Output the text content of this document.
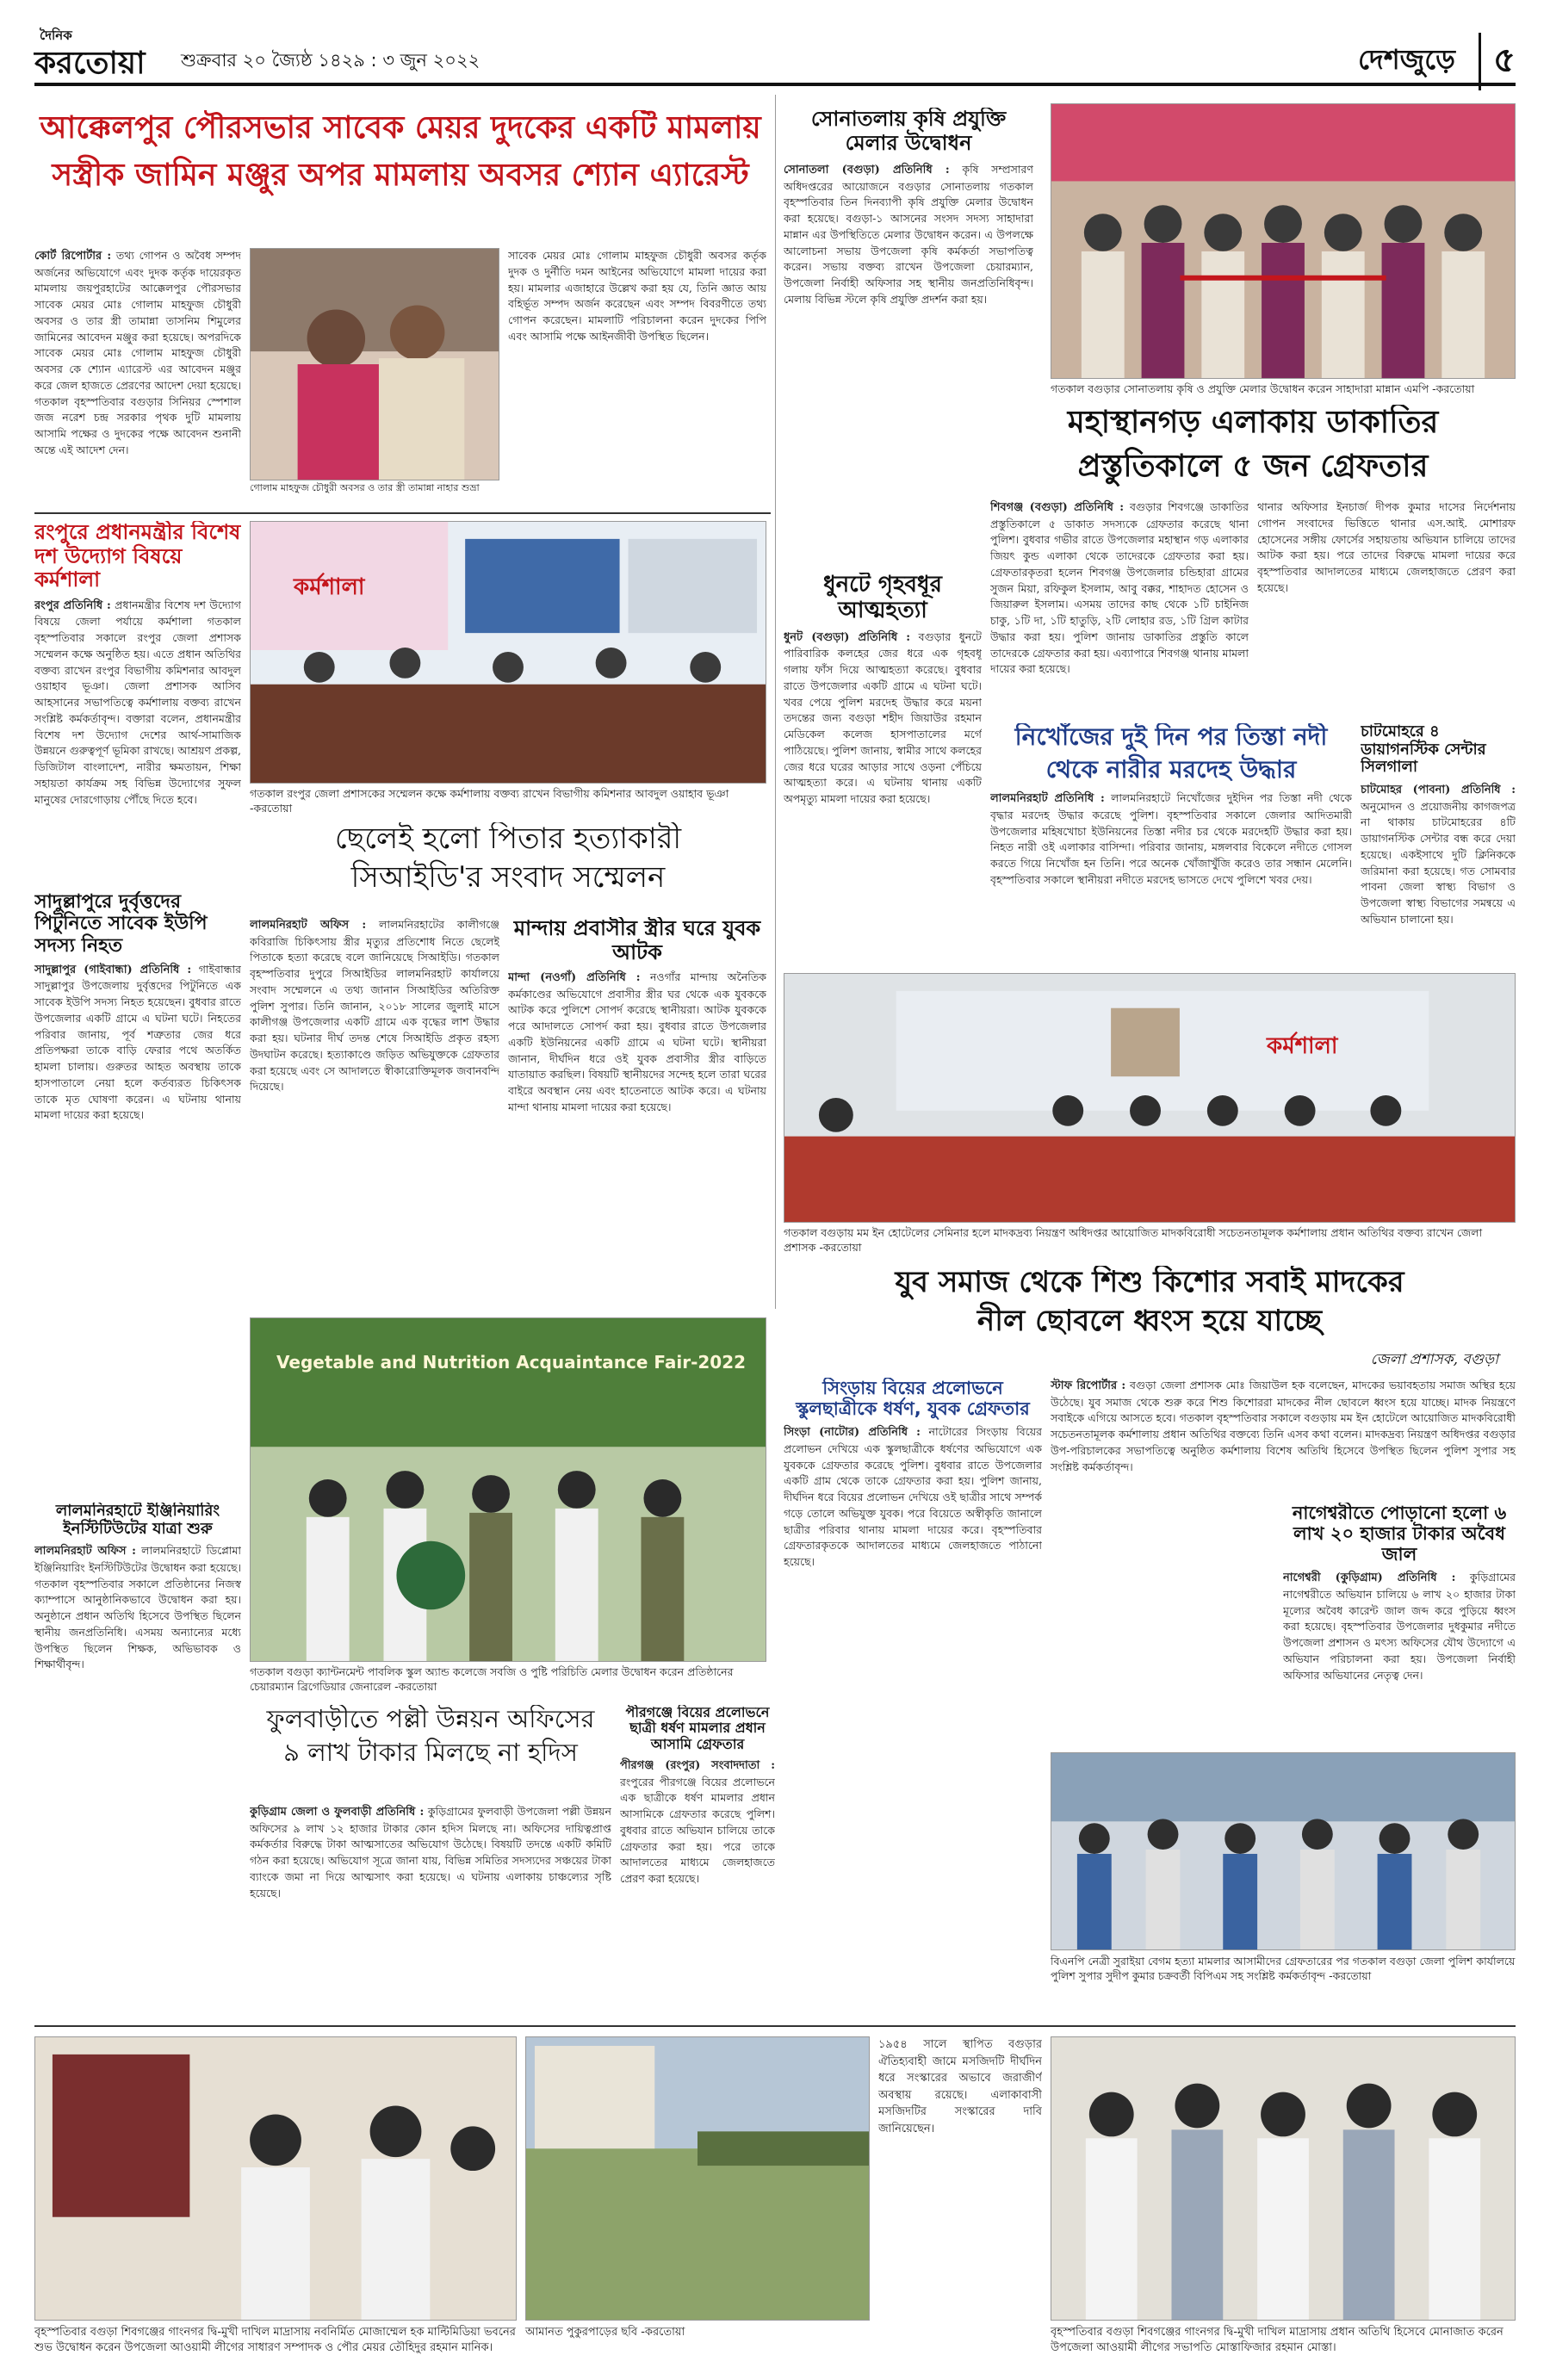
দৈনিক
করতোয়া শুক্রবার ২০ জ্যৈষ্ঠ ১৪২৯ : ৩ জুন ২০২২	দেশজুড়ে	৫
আক্কেলপুর পৌরসভার সাবেক মেয়র দুদকের একটি মামলায়
সস্ত্রীক জামিন মঞ্জুর অপর মামলায় অবসর শ্যোন এ্যারেস্ট
কোর্ট রিপোর্টার : তথ্য গোপন ও অবৈধ সম্পদ অর্জনের অভিযোগে এবং দুদক কর্তৃক দায়েরকৃত মামলায় জয়পুরহাটের আক্কেলপুর পৌরসভার সাবেক মেয়র মোঃ গোলাম মাহফুজ চৌধুরী অবসর ও তার স্ত্রী তামান্না তাসনিম শিমুলের জামিনের আবেদন মঞ্জুর করা হয়েছে। অপরদিকে সাবেক মেয়র মোঃ গোলাম মাহফুজ চৌধুরী অবসর কে শ্যোন এ্যারেস্ট এর আবেদন মঞ্জুর করে জেল হাজতে প্রেরণের আদেশ দেয়া হয়েছে। গতকাল বৃহস্পতিবার বগুড়ার সিনিয়র স্পেশাল জজ নরেশ চন্দ্র সরকার পৃথক দুটি মামলায় আসামি পক্ষের ও দুদকের পক্ষে আবেদন শুনানী অন্তে এই আদেশ দেন।
গোলাম মাহফুজ চৌধুরী অবসর ও তার স্ত্রী তামান্না নাহার শুভ্রা
সাবেক মেয়র মোঃ গোলাম মাহফুজ চৌধুরী অবসর কর্তৃক দুদক ও দুর্নীতি দমন আইনের অভিযোগে মামলা দায়ের করা হয়। মামলার এজাহারে উল্লেখ করা হয় যে, তিনি জ্ঞাত আয় বহির্ভূত সম্পদ অর্জন করেছেন এবং সম্পদ বিবরণীতে তথ্য গোপন করেছেন। মামলাটি পরিচালনা করেন দুদকের পিপি এবং আসামি পক্ষে আইনজীবী উপস্থিত ছিলেন।
সোনাতলায় কৃষি প্রযুক্তি মেলার উদ্বোধন
সোনাতলা (বগুড়া) প্রতিনিধি : কৃষি সম্প্রসারণ অধিদপ্তরের আয়োজনে বগুড়ার সোনাতলায় গতকাল বৃহস্পতিবার তিন দিনব্যাপী কৃষি প্রযুক্তি মেলার উদ্বোধন করা হয়েছে। বগুড়া-১ আসনের সংসদ সদস্য সাহাদারা মান্নান এর উপস্থিতিতে মেলার উদ্বোধন করেন। এ উপলক্ষে আলোচনা সভায় উপজেলা কৃষি কর্মকর্তা সভাপতিত্ব করেন। সভায় বক্তব্য রাখেন উপজেলা চেয়ারম্যান, উপজেলা নির্বাহী অফিসার সহ স্থানীয় জনপ্রতিনিধিবৃন্দ। মেলায় বিভিন্ন স্টলে কৃষি প্রযুক্তি প্রদর্শন করা হয়।
গতকাল বগুড়ার সোনাতলায় কৃষি ও প্রযুক্তি মেলার উদ্বোধন করেন সাহাদারা মান্নান এমপি -করতোয়া
মহাস্থানগড় এলাকায় ডাকাতির
প্রস্তুতিকালে ৫ জন গ্রেফতার
শিবগঞ্জ (বগুড়া) প্রতিনিধি : বগুড়ার শিবগঞ্জে ডাকাতির প্রস্তুতিকালে ৫ ডাকাত সদস্যকে গ্রেফতার করেছে থানা পুলিশ। বুধবার গভীর রাতে উপজেলার মহাস্থান গড় এলাকার জিয়ৎ কুন্ড এলাকা থেকে তাদেরকে গ্রেফতার করা হয়। গ্রেফতারকৃতরা হলেন শিবগঞ্জ উপজেলার চন্ডিহারা গ্রামের সুজন মিয়া, রফিকুল ইসলাম, আবু বক্কর, শাহাদত হোসেন ও জিয়ারুল ইসলাম। এসময় তাদের কাছ থেকে ১টি চাইনিজ চাকু, ১টি দা, ১টি হাতুড়ি, ২টি লোহার রড, ১টি গ্রিল কাটার উদ্ধার করা হয়। পুলিশ জানায় ডাকাতির প্রস্তুতি কালে তাদেরকে গ্রেফতার করা হয়। এব্যাপারে শিবগঞ্জ থানায় মামলা দায়ের করা হয়েছে।
থানার অফিসার ইনচার্জ দীপক কুমার দাসের নির্দেশনায় গোপন সংবাদের ভিত্তিতে থানার এস.আই. মোশারফ হোসেনের সঙ্গীয় ফোর্সের সহায়তায় অভিযান চালিয়ে তাদের আটক করা হয়। পরে তাদের বিরুদ্ধে মামলা দায়ের করে বৃহস্পতিবার আদালতের মাধ্যমে জেলহাজতে প্রেরণ করা হয়েছে।
রংপুরে প্রধানমন্ত্রীর বিশেষ দশ উদ্যোগ বিষয়ে কর্মশালা
রংপুর প্রতিনিধি : প্রধানমন্ত্রীর বিশেষ দশ উদ্যোগ বিষয়ে জেলা পর্যায়ে কর্মশালা গতকাল বৃহস্পতিবার সকালে রংপুর জেলা প্রশাসক সম্মেলন কক্ষে অনুষ্ঠিত হয়। এতে প্রধান অতিথির বক্তব্য রাখেন রংপুর বিভাগীয় কমিশনার আবদুল ওয়াহাব ভূঞা। জেলা প্রশাসক আসিব আহসানের সভাপতিত্বে কর্মশালায় বক্তব্য রাখেন সংশ্লিষ্ট কর্মকর্তাবৃন্দ। বক্তারা বলেন, প্রধানমন্ত্রীর বিশেষ দশ উদ্যোগ দেশের আর্থ-সামাজিক উন্নয়নে গুরুত্বপূর্ণ ভূমিকা রাখছে। আশ্রয়ণ প্রকল্প, ডিজিটাল বাংলাদেশ, নারীর ক্ষমতায়ন, শিক্ষা সহায়তা কার্যক্রম সহ বিভিন্ন উদ্যোগের সুফল মানুষের দোরগোড়ায় পৌঁছে দিতে হবে।
কর্মশালা
গতকাল রংপুর জেলা প্রশাসকের সম্মেলন কক্ষে কর্মশালায় বক্তব্য রাখেন বিভাগীয় কমিশনার আবদুল ওয়াহাব ভূঞা -করতোয়া
ধুনটে গৃহবধূর আত্মহত্যা
ধুনট (বগুড়া) প্রতিনিধি : বগুড়ার ধুনটে পারিবারিক কলহের জের ধরে এক গৃহবধূ গলায় ফাঁস দিয়ে আত্মহত্যা করেছে। বুধবার রাতে উপজেলার একটি গ্রামে এ ঘটনা ঘটে। খবর পেয়ে পুলিশ মরদেহ উদ্ধার করে ময়না তদন্তের জন্য বগুড়া শহীদ জিয়াউর রহমান মেডিকেল কলেজ হাসপাতালের মর্গে পাঠিয়েছে। পুলিশ জানায়, স্বামীর সাথে কলহের জের ধরে ঘরের আড়ার সাথে ওড়না পেঁচিয়ে আত্মহত্যা করে। এ ঘটনায় থানায় একটি অপমৃত্যু মামলা দায়ের করা হয়েছে।
নিখোঁজের দুই দিন পর তিস্তা নদী
থেকে নারীর মরদেহ উদ্ধার
লালমনিরহাট প্রতিনিধি : লালমনিরহাটে নিখোঁজের দুইদিন পর তিস্তা নদী থেকে বৃদ্ধার মরদেহ উদ্ধার করেছে পুলিশ। বৃহস্পতিবার সকালে জেলার আদিতমারী উপজেলার মহিষখোচা ইউনিয়নের তিস্তা নদীর চর থেকে মরদেহটি উদ্ধার করা হয়। নিহত নারী ওই এলাকার বাসিন্দা। পরিবার জানায়, মঙ্গলবার বিকেলে নদীতে গোসল করতে গিয়ে নিখোঁজ হন তিনি। পরে অনেক খোঁজাখুঁজি করেও তার সন্ধান মেলেনি। বৃহস্পতিবার সকালে স্থানীয়রা নদীতে মরদেহ ভাসতে দেখে পুলিশে খবর দেয়।
চাটমোহরে ৪ ডায়াগনস্টিক সেন্টার সিলগালা
চাটমোহর (পাবনা) প্রতিনিধি : অনুমোদন ও প্রয়োজনীয় কাগজপত্র না থাকায় চাটমোহরের ৪টি ডায়াগনস্টিক সেন্টার বন্ধ করে দেয়া হয়েছে। একইসাথে দুটি ক্লিনিককে জরিমানা করা হয়েছে। গত সোমবার পাবনা জেলা স্বাস্থ্য বিভাগ ও উপজেলা স্বাস্থ্য বিভাগের সমন্বয়ে এ অভিযান চালানো হয়।
ছেলেই হলো পিতার হত্যাকারী
সিআইডি'র সংবাদ সম্মেলন
লালমনিরহাট অফিস : লালমনিরহাটের কালীগঞ্জে কবিরাজি চিকিৎসায় স্ত্রীর মৃত্যুর প্রতিশোধ নিতে ছেলেই পিতাকে হত্যা করেছে বলে জানিয়েছে সিআইডি। গতকাল বৃহস্পতিবার দুপুরে সিআইডির লালমনিরহাট কার্যালয়ে সংবাদ সম্মেলনে এ তথ্য জানান সিআইডির অতিরিক্ত পুলিশ সুপার। তিনি জানান, ২০১৮ সালের জুলাই মাসে কালীগঞ্জ উপজেলার একটি গ্রামে এক বৃদ্ধের লাশ উদ্ধার করা হয়। ঘটনার দীর্ঘ তদন্ত শেষে সিআইডি প্রকৃত রহস্য উদঘাটন করেছে। হত্যাকাণ্ডে জড়িত অভিযুক্তকে গ্রেফতার করা হয়েছে এবং সে আদালতে স্বীকারোক্তিমূলক জবানবন্দি দিয়েছে।
মান্দায় প্রবাসীর স্ত্রীর ঘরে যুবক আটক
মান্দা (নওগাঁ) প্রতিনিধি : নওগাঁর মান্দায় অনৈতিক কর্মকাণ্ডের অভিযোগে প্রবাসীর স্ত্রীর ঘর থেকে এক যুবককে আটক করে পুলিশে সোপর্দ করেছে স্থানীয়রা। আটক যুবককে পরে আদালতে সোপর্দ করা হয়। বুধবার রাতে উপজেলার একটি ইউনিয়নের একটি গ্রামে এ ঘটনা ঘটে। স্থানীয়রা জানান, দীর্ঘদিন ধরে ওই যুবক প্রবাসীর স্ত্রীর বাড়িতে যাতায়াত করছিল। বিষয়টি স্থানীয়দের সন্দেহ হলে তারা ঘরের বাইরে অবস্থান নেয় এবং হাতেনাতে আটক করে। এ ঘটনায় মান্দা থানায় মামলা দায়ের করা হয়েছে।
কর্মশালা
গতকাল বগুড়ায় মম ইন হোটেলের সেমিনার হলে মাদকদ্রব্য নিয়ন্ত্রণ অধিদপ্তর আয়োজিত মাদকবিরোধী সচেতনতামূলক কর্মশালায় প্রধান অতিথির বক্তব্য রাখেন জেলা প্রশাসক -করতোয়া
যুব সমাজ থেকে শিশু কিশোর সবাই মাদকের
নীল ছোবলে ধ্বংস হয়ে যাচ্ছে
জেলা প্রশাসক, বগুড়া
স্টাফ রিপোর্টার : বগুড়া জেলা প্রশাসক মোঃ জিয়াউল হক বলেছেন, মাদকের ভয়াবহতায় সমাজ অস্থির হয়ে উঠেছে। যুব সমাজ থেকে শুরু করে শিশু কিশোররা মাদকের নীল ছোবলে ধ্বংস হয়ে যাচ্ছে। মাদক নিয়ন্ত্রণে সবাইকে এগিয়ে আসতে হবে। গতকাল বৃহস্পতিবার সকালে বগুড়ায় মম ইন হোটেলে আয়োজিত মাদকবিরোধী সচেতনতামূলক কর্মশালায় প্রধান অতিথির বক্তব্যে তিনি এসব কথা বলেন। মাদকদ্রব্য নিয়ন্ত্রণ অধিদপ্তর বগুড়ার উপ-পরিচালকের সভাপতিত্বে অনুষ্ঠিত কর্মশালায় বিশেষ অতিথি হিসেবে উপস্থিত ছিলেন পুলিশ সুপার সহ সংশ্লিষ্ট কর্মকর্তাবৃন্দ।
নাগেশ্বরীতে পোড়ানো হলো ৬ লাখ ২০ হাজার টাকার অবৈধ জাল
নাগেশ্বরী (কুড়িগ্রাম) প্রতিনিধি : কুড়িগ্রামের নাগেশ্বরীতে অভিযান চালিয়ে ৬ লাখ ২০ হাজার টাকা মূল্যের অবৈধ কারেন্ট জাল জব্দ করে পুড়িয়ে ধ্বংস করা হয়েছে। বৃহস্পতিবার উপজেলার দুধকুমার নদীতে উপজেলা প্রশাসন ও মৎস্য অফিসের যৌথ উদ্যোগে এ অভিযান পরিচালনা করা হয়। উপজেলা নির্বাহী অফিসার অভিযানের নেতৃত্ব দেন।
সিংড়ায় বিয়ের প্রলোভনে স্কুলছাত্রীকে ধর্ষণ, যুবক গ্রেফতার
সিংড়া (নাটোর) প্রতিনিধি : নাটোরের সিংড়ায় বিয়ের প্রলোভন দেখিয়ে এক স্কুলছাত্রীকে ধর্ষণের অভিযোগে এক যুবককে গ্রেফতার করেছে পুলিশ। বুধবার রাতে উপজেলার একটি গ্রাম থেকে তাকে গ্রেফতার করা হয়। পুলিশ জানায়, দীর্ঘদিন ধরে বিয়ের প্রলোভন দেখিয়ে ওই ছাত্রীর সাথে সম্পর্ক গড়ে তোলে অভিযুক্ত যুবক। পরে বিয়েতে অস্বীকৃতি জানালে ছাত্রীর পরিবার থানায় মামলা দায়ের করে। বৃহস্পতিবার গ্রেফতারকৃতকে আদালতের মাধ্যমে জেলহাজতে পাঠানো হয়েছে।
সাদুল্লাপুরে দুর্বৃত্তদের পিটুনিতে সাবেক ইউপি সদস্য নিহত
সাদুল্লাপুর (গাইবান্ধা) প্রতিনিধি : গাইবান্ধার সাদুল্লাপুর উপজেলায় দুর্বৃত্তদের পিটুনিতে এক সাবেক ইউপি সদস্য নিহত হয়েছেন। বুধবার রাতে উপজেলার একটি গ্রামে এ ঘটনা ঘটে। নিহতের পরিবার জানায়, পূর্ব শত্রুতার জের ধরে প্রতিপক্ষরা তাকে বাড়ি ফেরার পথে অতর্কিত হামলা চালায়। গুরুতর আহত অবস্থায় তাকে হাসপাতালে নেয়া হলে কর্তব্যরত চিকিৎসক তাকে মৃত ঘোষণা করেন। এ ঘটনায় থানায় মামলা দায়ের করা হয়েছে।
Vegetable and Nutrition Acquaintance Fair-2022
গতকাল বগুড়া ক্যান্টনমেন্ট পাবলিক স্কুল অ্যান্ড কলেজে সবজি ও পুষ্টি পরিচিতি মেলার উদ্বোধন করেন প্রতিষ্ঠানের চেয়ারম্যান ব্রিগেডিয়ার জেনারেল -করতোয়া
ফুলবাড়ীতে পল্লী উন্নয়ন অফিসের
৯ লাখ টাকার মিলছে না হদিস
কুড়িগ্রাম জেলা ও ফুলবাড়ী প্রতিনিধি : কুড়িগ্রামের ফুলবাড়ী উপজেলা পল্লী উন্নয়ন অফিসের ৯ লাখ ১২ হাজার টাকার কোন হদিস মিলছে না। অফিসের দায়িত্বপ্রাপ্ত কর্মকর্তার বিরুদ্ধে টাকা আত্মসাতের অভিযোগ উঠেছে। বিষয়টি তদন্তে একটি কমিটি গঠন করা হয়েছে। অভিযোগ সূত্রে জানা যায়, বিভিন্ন সমিতির সদস্যদের সঞ্চয়ের টাকা ব্যাংকে জমা না দিয়ে আত্মসাৎ করা হয়েছে। এ ঘটনায় এলাকায় চাঞ্চল্যের সৃষ্টি হয়েছে।
পীরগঞ্জে বিয়ের প্রলোভনে ছাত্রী ধর্ষণ মামলার প্রধান আসামি গ্রেফতার
পীরগঞ্জ (রংপুর) সংবাদদাতা : রংপুরের পীরগঞ্জে বিয়ের প্রলোভনে এক ছাত্রীকে ধর্ষণ মামলার প্রধান আসামিকে গ্রেফতার করেছে পুলিশ। বুধবার রাতে অভিযান চালিয়ে তাকে গ্রেফতার করা হয়। পরে তাকে আদালতের মাধ্যমে জেলহাজতে প্রেরণ করা হয়েছে।
লালমনিরহাটে ইঞ্জিনিয়ারিং ইনস্টিটিউটের যাত্রা শুরু
লালমনিরহাট অফিস : লালমনিরহাটে ডিপ্লোমা ইঞ্জিনিয়ারিং ইনস্টিটিউটের উদ্বোধন করা হয়েছে। গতকাল বৃহস্পতিবার সকালে প্রতিষ্ঠানের নিজস্ব ক্যাম্পাসে আনুষ্ঠানিকভাবে উদ্বোধন করা হয়। অনুষ্ঠানে প্রধান অতিথি হিসেবে উপস্থিত ছিলেন স্থানীয় জনপ্রতিনিধি। এসময় অন্যান্যের মধ্যে উপস্থিত ছিলেন শিক্ষক, অভিভাবক ও শিক্ষার্থীবৃন্দ।
বিএনপি নেত্রী সুরাইয়া বেগম হত্যা মামলার আসামীদের গ্রেফতারের পর গতকাল বগুড়া জেলা পুলিশ কার্যালয়ে পুলিশ সুপার সুদীপ কুমার চক্রবর্তী বিপিএম সহ সংশ্লিষ্ট কর্মকর্তাবৃন্দ -করতোয়া
বৃহস্পতিবার বগুড়া শিবগঞ্জের গাংনগর দ্বি-মুখী দাখিল মাদ্রাসায় নবনির্মিত মোজাম্মেল হক মাল্টিমিডিয়া ভবনের শুভ উদ্বোধন করেন উপজেলা আওয়ামী লীগের সাধারণ সম্পাদক ও পৌর মেয়র তৌহিদুর রহমান মানিক।
আমানত পুকুরপাড়ের ছবি -করতোয়া
১৯৫৪ সালে স্থাপিত বগুড়ার ঐতিহ্যবাহী জামে মসজিদটি দীর্ঘদিন ধরে সংস্কারের অভাবে জরাজীর্ণ অবস্থায় রয়েছে। এলাকাবাসী মসজিদটির সংস্কারের দাবি জানিয়েছেন।
বৃহস্পতিবার বগুড়া শিবগঞ্জের গাংনগর দ্বি-মুখী দাখিল মাদ্রাসায় প্রধান অতিথি হিসেবে মোনাজাত করেন উপজেলা আওয়ামী লীগের সভাপতি মোস্তাফিজার রহমান মোস্তা।
